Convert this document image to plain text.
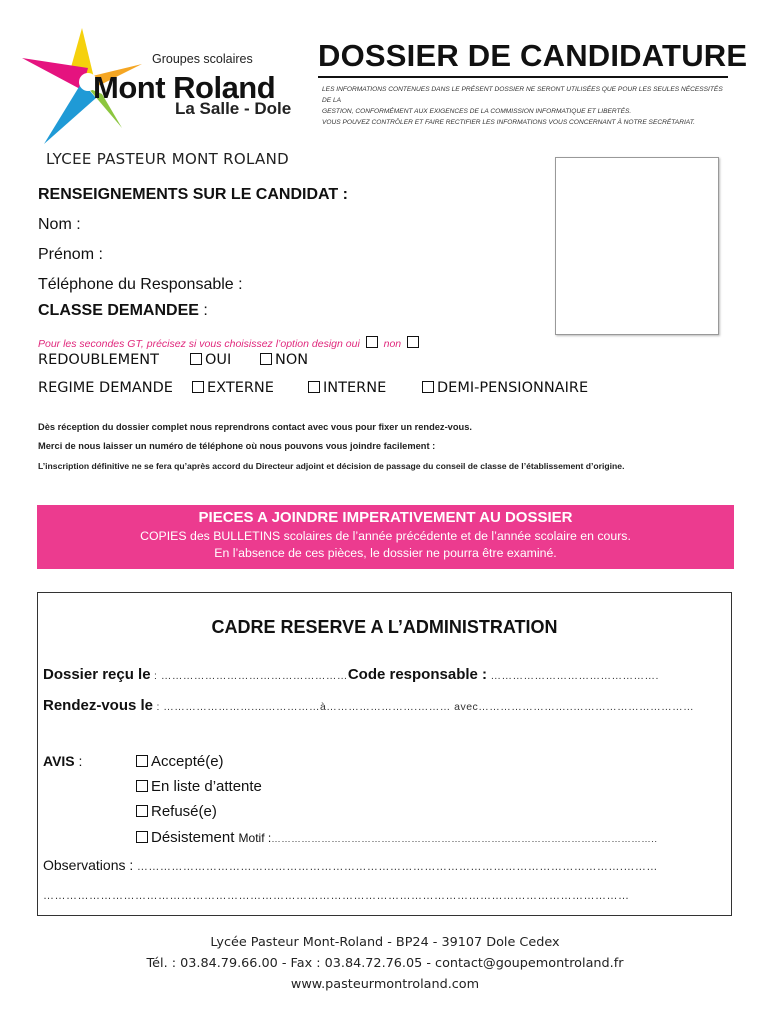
Groupes scolaires
Mont Roland
La Salle - Dole
LYCEE PASTEUR MONT ROLAND
DOSSIER DE CANDIDATURE
LES INFORMATIONS CONTENUES DANS LE PRÉSENT DOSSIER NE SERONT UTILISÉES QUE POUR LES SEULES NÉCESSITÉS DE LA
GESTION, CONFORMÉMENT AUX EXIGENCES DE LA COMMISSION INFORMATIQUE ET LIBERTÉS.
VOUS POUVEZ CONTRÔLER ET FAIRE RECTIFIER LES INFORMATIONS VOUS CONCERNANT À NOTRE SECRÉTARIAT.
RENSEIGNEMENTS SUR LE CANDIDAT :
Nom :
Prénom :
Téléphone du Responsable :
CLASSE DEMANDEE :
Pour les secondes GT, précisez si vous choisissez l’option design oui non
REDOUBLEMENT	OUI	NON
REGIME DEMANDE	EXTERNE	INTERNE	DEMI-PENSIONNAIRE
Dès réception du dossier complet nous reprendrons contact avec vous pour fixer un rendez-vous.
Merci de nous laisser un numéro de téléphone où nous pouvons vous joindre facilement :
L’inscription définitive ne se fera qu’après accord du Directeur adjoint et décision de passage du conseil de classe de l’établissement d’origine.
PIECES A JOINDRE IMPERATIVEMENT AU DOSSIER
COPIES des BULLETINS scolaires de l’année précédente et de l’année scolaire en cours.
En l’absence de ces pièces, le dossier ne pourra être examiné.
CADRE RESERVE A L’ADMINISTRATION
Dossier reçu le : ……………………………………………Code responsable : ……………………………………….
Rendez-vous le : ……………………....……………à…………………….……… avec……………………..……………………………
AVIS :	Accepté(e)
En liste d’attente
Refusé(e)
Désistement Motif :……………………………………………………………………………………………………..
Observations : ……………………………………………………………………………………………………………….………
………………………………………………………………………………………………………………………………………
Lycée Pasteur Mont-Roland - BP24 - 39107 Dole Cedex
Tél. : 03.84.79.66.00 - Fax : 03.84.72.76.05 - contact@goupemontroland.fr
www.pasteurmontroland.com
